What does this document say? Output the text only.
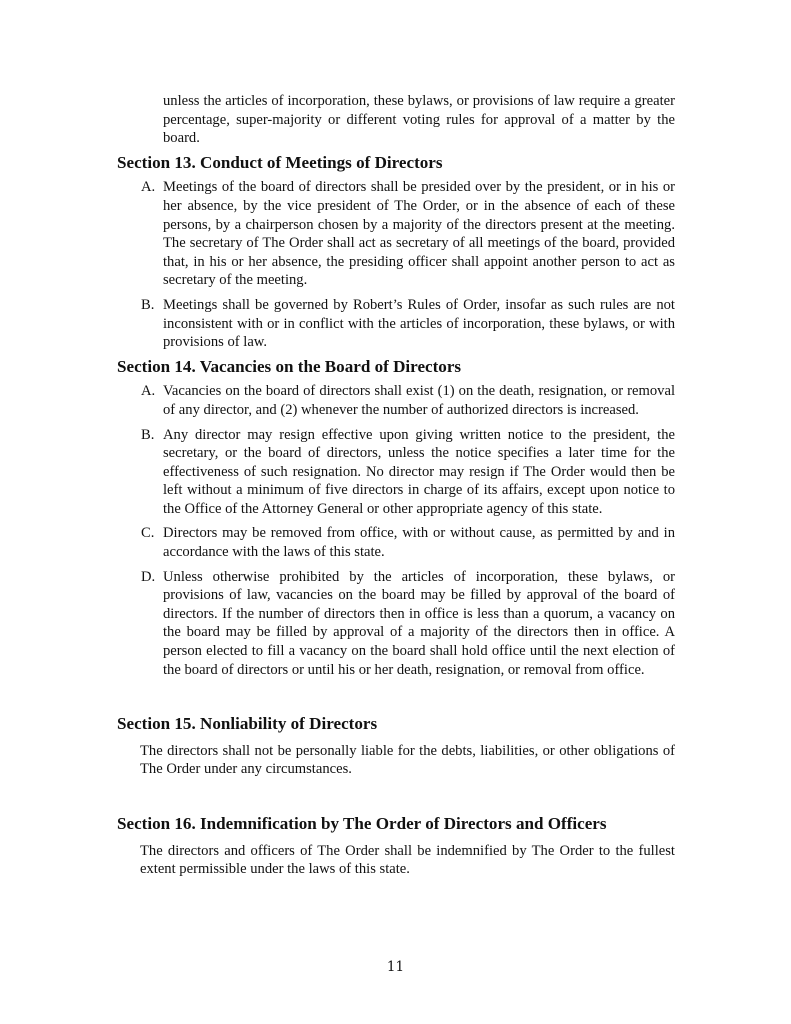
unless the articles of incorporation, these bylaws, or provisions of law require a greater percentage, super-majority or different voting rules for approval of a matter by the board.

Section 13. Conduct of Meetings of Directors
A. Meetings of the board of directors shall be presided over by the president, or in his or her absence, by the vice president of The Order, or in the absence of each of these persons, by a chairperson chosen by a majority of the directors present at the meeting. The secretary of The Order shall act as secretary of all meetings of the board, provided that, in his or her absence, the presiding officer shall appoint another person to act as secretary of the meeting.
B. Meetings shall be governed by Robert’s Rules of Order, insofar as such rules are not inconsistent with or in conflict with the articles of incorporation, these bylaws, or with provisions of law.
Section 14. Vacancies on the Board of Directors
A. Vacancies on the board of directors shall exist (1) on the death, resignation, or removal of any director, and (2) whenever the number of authorized directors is increased.
B. Any director may resign effective upon giving written notice to the president, the secretary, or the board of directors, unless the notice specifies a later time for the effectiveness of such resignation. No director may resign if The Order would then be left without a minimum of five directors in charge of its affairs, except upon notice to the Office of the Attorney General or other appropriate agency of this state.
C. Directors may be removed from office, with or without cause, as permitted by and in accordance with the laws of this state.
D. Unless otherwise prohibited by the articles of incorporation, these bylaws, or provisions of law, vacancies on the board may be filled by approval of the board of directors. If the number of directors then in office is less than a quorum, a vacancy on the board may be filled by approval of a majority of the directors then in office. A person elected to fill a vacancy on the board shall hold office until the next election of the board of directors or until his or her death, resignation, or removal from office.
Section 15. Nonliability of Directors

The directors shall not be personally liable for the debts, liabilities, or other obligations of The Order under any circumstances.

Section 16. Indemnification by The Order of Directors and Officers

The directors and officers of The Order shall be indemnified by The Order to the fullest extent permissible under the laws of this state.

11
